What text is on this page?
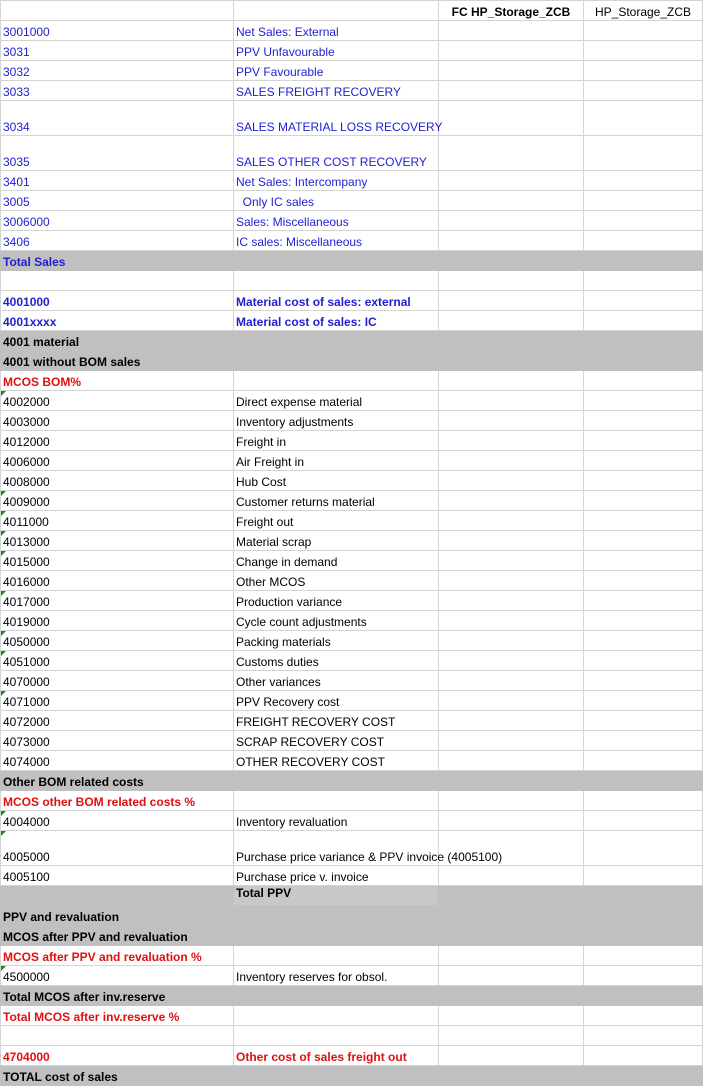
		FC HP_Storage_ZCB	HP_Storage_ZCB
3001000	Net Sales: External		
3031	PPV Unfavourable		
3032	PPV Favourable		
3033	SALES FREIGHT RECOVERY		
3034	SALES MATERIAL LOSS RECOVERY		
3035	SALES OTHER COST RECOVERY		
3401	Net Sales: Intercompany		
3005	Only IC sales		
3006000	Sales: Miscellaneous		
3406	IC sales: Miscellaneous		
Total Sales			

4001000	Material cost of sales: external		
4001xxxx	Material cost of sales: IC		
4001 material			
4001 without BOM sales			
MCOS BOM%			

4002000	Direct expense material		
4003000	Inventory adjustments		
4012000	Freight in		
4006000	Air Freight in		
4008000	Hub Cost		

4009000	Customer returns material		

4011000	Freight out		

4013000	Material scrap		

4015000	Change in demand		
4016000	Other MCOS		

4017000	Production variance		
4019000	Cycle count adjustments		

4050000	Packing materials		

4051000	Customs duties		
4070000	Other variances		

4071000	PPV Recovery cost		
4072000	FREIGHT RECOVERY COST		
4073000	SCRAP RECOVERY COST		
4074000	OTHER RECOVERY COST		
Other BOM related costs			
MCOS other BOM related costs %			

4004000	Inventory revaluation		

4005000	Purchase price variance & PPV invoice (4005100)		
4005100	Purchase price v. invoice		
	Total PPV		
PPV and revaluation			
MCOS after PPV and revaluation			
MCOS after PPV and revaluation %			

4500000	Inventory reserves for obsol.		
Total MCOS after inv.reserve			
Total MCOS after inv.reserve %			

4704000	Other cost of sales freight out		
TOTAL cost of sales			
